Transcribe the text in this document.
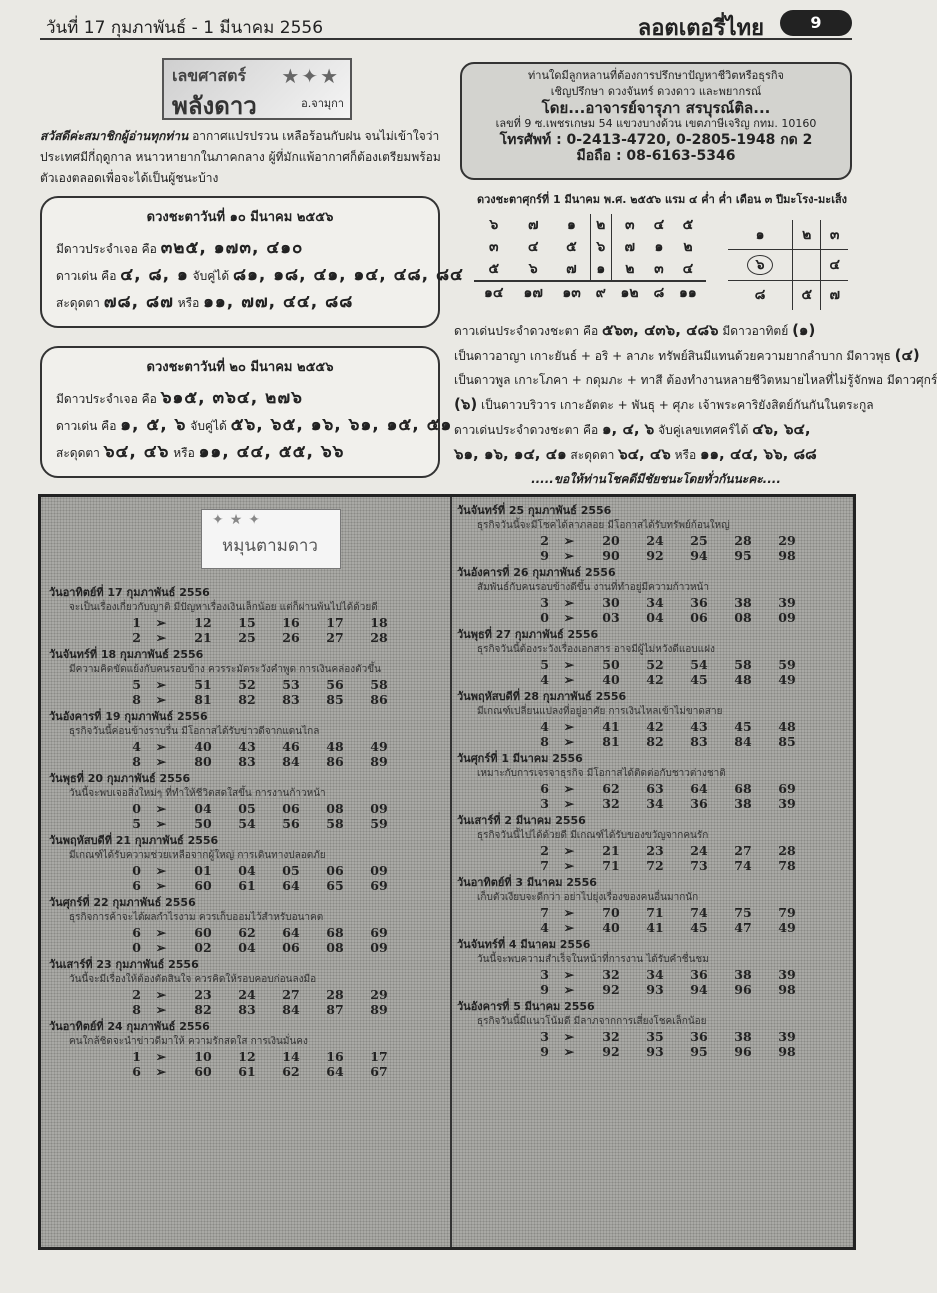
วันที่ 17 กุมภาพันธ์ - 1 มีนาคม 2556	ลอตเตอรี่ไทย	9
★✦★
เลขศาสตร์
พลังดาว	อ.จามุกา

สวัสดีค่ะสมาชิกผู้อ่านทุกท่าน อากาศแปรปรวน เหลือร้อนกับฝน จนไม่เข้าใจว่าประเทศมีกี่ฤดูกาล หนาวหายากในภาคกลาง ผู้ที่มักแพ้อากาศก็ต้องเตรียมพร้อมตัวเองตลอดเพื่อจะได้เป็นผู้ชนะบ้าง

ดวงชะตาวันที่ ๑๐ มีนาคม ๒๕๕๖
มีดาวประจำเจอ คือ ๓๒๕, ๑๗๓, ๔๑๐
ดาวเด่น คือ ๔, ๘, ๑ จับคู่ได้ ๘๑, ๑๘, ๔๑, ๑๔, ๔๘, ๘๔
สะดุดตา ๗๘, ๘๗ หรือ ๑๑, ๗๗, ๔๔, ๘๘
ดวงชะตาวันที่ ๒๐ มีนาคม ๒๕๕๖
มีดาวประจำเจอ คือ ๖๑๕, ๓๖๔, ๒๗๖
ดาวเด่น คือ ๑, ๕, ๖ จับคู่ได้ ๕๖, ๖๕, ๑๖, ๖๑, ๑๕, ๕๑
สะดุดตา ๖๔, ๔๖ หรือ ๑๑, ๔๔, ๕๕, ๖๖
ท่านใดมีลูกหลานที่ต้องการปรึกษาปัญหาชีวิตหรือธุรกิจ
เชิญปรึกษา ดวงจันทร์ ดวงดาว และพยากรณ์
โดย...อาจารย์จารุภา สรบุรณ์ติล...
เลขที่ 9 ซ.เพชรเกษม 54 แขวงบางด้วน เขตภาษีเจริญ กทม. 10160
โทรศัพท์ : 0-2413-4720, 0-2805-1948 กด 2
มือถือ : 08-6163-5346
ดวงชะตาศุกร์ที่ 1 มีนาคม พ.ศ. ๒๕๕๖ แรม ๔ ค่ำ ค่ำ เดือน ๓ ปีมะโรง-มะเส็ง
๖	๗	๑	๒	๓	๔	๕
๓	๔	๕	๖	๗	๑	๒
๕	๖	๗	๑	๒	๓	๔
๑๔	๑๗	๑๓	๙	๑๒	๘	๑๑
๑	๒	๓
๖		๔
๘	๕	๗
ดาวเด่นประจำดวงชะตา คือ ๕๖๓, ๔๓๖, ๔๘๖ มีดาวอาทิตย์ (๑)
เป็นดาวอาญา เกาะยันธ์ + อริ + ลาภะ ทรัพย์สินมีแทนด้วยความยากลำบาก มีดาวพุธ (๔)
เป็นดาวพูล เกาะโภคา + กดุมภะ + ทาสี ต้องทำงานหลายชีวิตหมายไหลที่ไม่รู้จักพอ มีดาวศุกร์
(๖) เป็นดาวบริวาร เกาะอัตตะ + พันธุ + ศุภะ เจ้าพระคาริยังสิตย์กันกันในตระกูล
ดาวเด่นประจำดวงชะตา คือ ๑, ๔, ๖ จับคู่เลขเทศคร์ได้ ๔๖, ๖๔,
๖๑, ๑๖, ๑๔, ๔๑ สะดุดตา ๖๔, ๔๖ หรือ ๑๑, ๔๔, ๖๖, ๘๘
.....ขอให้ท่านโชคดีมีชัยชนะโดยทั่วกันนะคะ....
✦★✦
หมุนตามดาว
วันอาทิตย์ที่ 17 กุมภาพันธ์ 2556
จะเป็นเรื่องเกี่ยวกับญาติ มีปัญหาเรื่องเงินเล็กน้อย แต่ก็ผ่านพ้นไปได้ด้วยดี
1	➢	12	15	16	17	18
2	➢	21	25	26	27	28
วันจันทร์ที่ 18 กุมภาพันธ์ 2556
มีความคิดขัดแย้งกับคนรอบข้าง ควรระมัดระวังคำพูด การเงินคล่องตัวขึ้น
5	➢	51	52	53	56	58
8	➢	81	82	83	85	86
วันอังคารที่ 19 กุมภาพันธ์ 2556
ธุรกิจวันนี้ค่อนข้างราบรื่น มีโอกาสได้รับข่าวดีจากแดนไกล
4	➢	40	43	46	48	49
8	➢	80	83	84	86	89
วันพุธที่ 20 กุมภาพันธ์ 2556
วันนี้จะพบเจอสิ่งใหม่ๆ ที่ทำให้ชีวิตสดใสขึ้น การงานก้าวหน้า
0	➢	04	05	06	08	09
5	➢	50	54	56	58	59
วันพฤหัสบดีที่ 21 กุมภาพันธ์ 2556
มีเกณฑ์ได้รับความช่วยเหลือจากผู้ใหญ่ การเดินทางปลอดภัย
0	➢	01	04	05	06	09
6	➢	60	61	64	65	69
วันศุกร์ที่ 22 กุมภาพันธ์ 2556
ธุรกิจการค้าจะได้ผลกำไรงาม ควรเก็บออมไว้สำหรับอนาคต
6	➢	60	62	64	68	69
0	➢	02	04	06	08	09
วันเสาร์ที่ 23 กุมภาพันธ์ 2556
วันนี้จะมีเรื่องให้ต้องตัดสินใจ ควรคิดให้รอบคอบก่อนลงมือ
2	➢	23	24	27	28	29
8	➢	82	83	84	87	89
วันอาทิตย์ที่ 24 กุมภาพันธ์ 2556
คนใกล้ชิดจะนำข่าวดีมาให้ ความรักสดใส การเงินมั่นคง
1	➢	10	12	14	16	17
6	➢	60	61	62	64	67
วันจันทร์ที่ 25 กุมภาพันธ์ 2556
ธุรกิจวันนี้จะมีโชคได้ลาภลอย มีโอกาสได้รับทรัพย์ก้อนใหญ่
2	➢	20	24	25	28	29
9	➢	90	92	94	95	98
วันอังคารที่ 26 กุมภาพันธ์ 2556
สัมพันธ์กับคนรอบข้างดีขึ้น งานที่ทำอยู่มีความก้าวหน้า
3	➢	30	34	36	38	39
0	➢	03	04	06	08	09
วันพุธที่ 27 กุมภาพันธ์ 2556
ธุรกิจวันนี้ต้องระวังเรื่องเอกสาร อาจมีผู้ไม่หวังดีแอบแฝง
5	➢	50	52	54	58	59
4	➢	40	42	45	48	49
วันพฤหัสบดีที่ 28 กุมภาพันธ์ 2556
มีเกณฑ์เปลี่ยนแปลงที่อยู่อาศัย การเงินไหลเข้าไม่ขาดสาย
4	➢	41	42	43	45	48
8	➢	81	82	83	84	85
วันศุกร์ที่ 1 มีนาคม 2556
เหมาะกับการเจรจาธุรกิจ มีโอกาสได้ติดต่อกับชาวต่างชาติ
6	➢	62	63	64	68	69
3	➢	32	34	36	38	39
วันเสาร์ที่ 2 มีนาคม 2556
ธุรกิจวันนี้ไปได้ด้วยดี มีเกณฑ์ได้รับของขวัญจากคนรัก
2	➢	21	23	24	27	28
7	➢	71	72	73	74	78
วันอาทิตย์ที่ 3 มีนาคม 2556
เก็บตัวเงียบจะดีกว่า อย่าไปยุ่งเรื่องของคนอื่นมากนัก
7	➢	70	71	74	75	79
4	➢	40	41	45	47	49
วันจันทร์ที่ 4 มีนาคม 2556
วันนี้จะพบความสำเร็จในหน้าที่การงาน ได้รับคำชื่นชม
3	➢	32	34	36	38	39
9	➢	92	93	94	96	98
วันอังคารที่ 5 มีนาคม 2556
ธุรกิจวันนี้มีแนวโน้มดี มีลาภจากการเสี่ยงโชคเล็กน้อย
3	➢	32	35	36	38	39
9	➢	92	93	95	96	98
